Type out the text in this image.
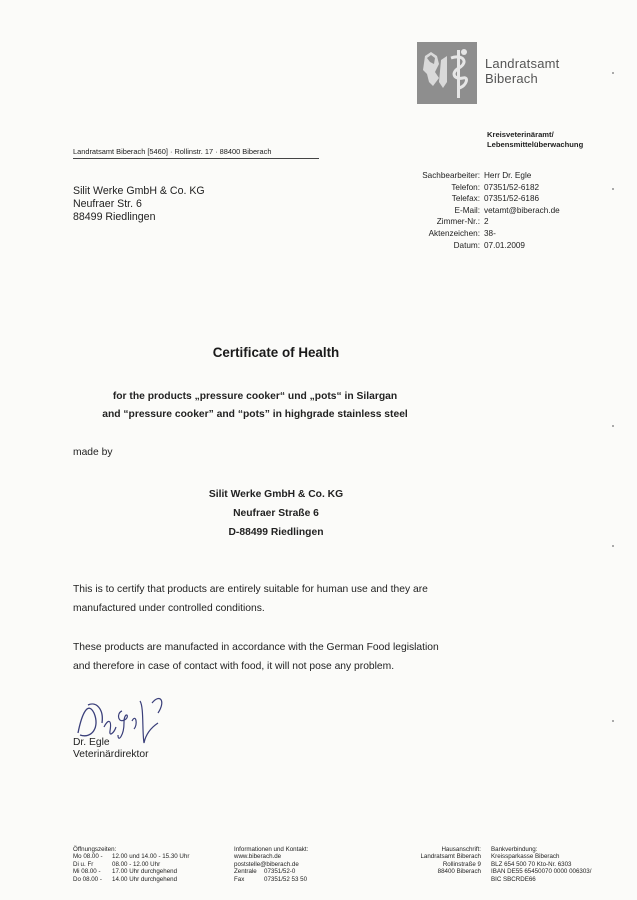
Landratsamt
Biberach
Kreisveterinäramt/
Lebensmittelüberwachung
Landratsamt Biberach [5460] · Rollinstr. 17 · 88400 Biberach
Silit Werke GmbH & Co. KG
Neufraer Str. 6
88499 Riedlingen
Sachbearbeiter: Herr Dr. Egle
Telefon: 07351/52-6182
Telefax: 07351/52-6186
E-Mail: vetamt@biberach.de
Zimmer-Nr.: 2
Aktenzeichen: 38-
Datum: 07.01.2009
Certificate of Health
for the products „pressure cooker“ und „pots“ in Silargan
and “pressure cooker” and “pots” in highgrade stainless steel
made by
Silit Werke GmbH & Co. KG
Neufraer Straße 6
D-88499 Riedlingen
This is to certify that products are entirely suitable for human use and they are
manufactured under controlled conditions.
These products are manufacted in accordance with the German Food legislation
and therefore in case of contact with food, it will not pose any problem.
Dr. Egle
Veterinärdirektor
Öffnungszeiten:
Mo 08.00 -	12.00 und 14.00 - 15.30 Uhr
Di u. Fr	08.00 - 12.00 Uhr
Mi 08.00 -	17.00 Uhr durchgehend
Do 08.00 -	14.00 Uhr durchgehend
Informationen und Kontakt:
www.biberach.de
poststelle@biberach.de
Zentrale	07351/52-0
Fax	07351/52 53 50
Hausanschrift:
Landratsamt Biberach
Rollinstraße 9
88400 Biberach
Bankverbindung:
Kreissparkasse Biberach
BLZ 654 500 70 Kto-Nr. 6303
IBAN DE55 65450070 0000 006303/
BIC SBCRDE66
